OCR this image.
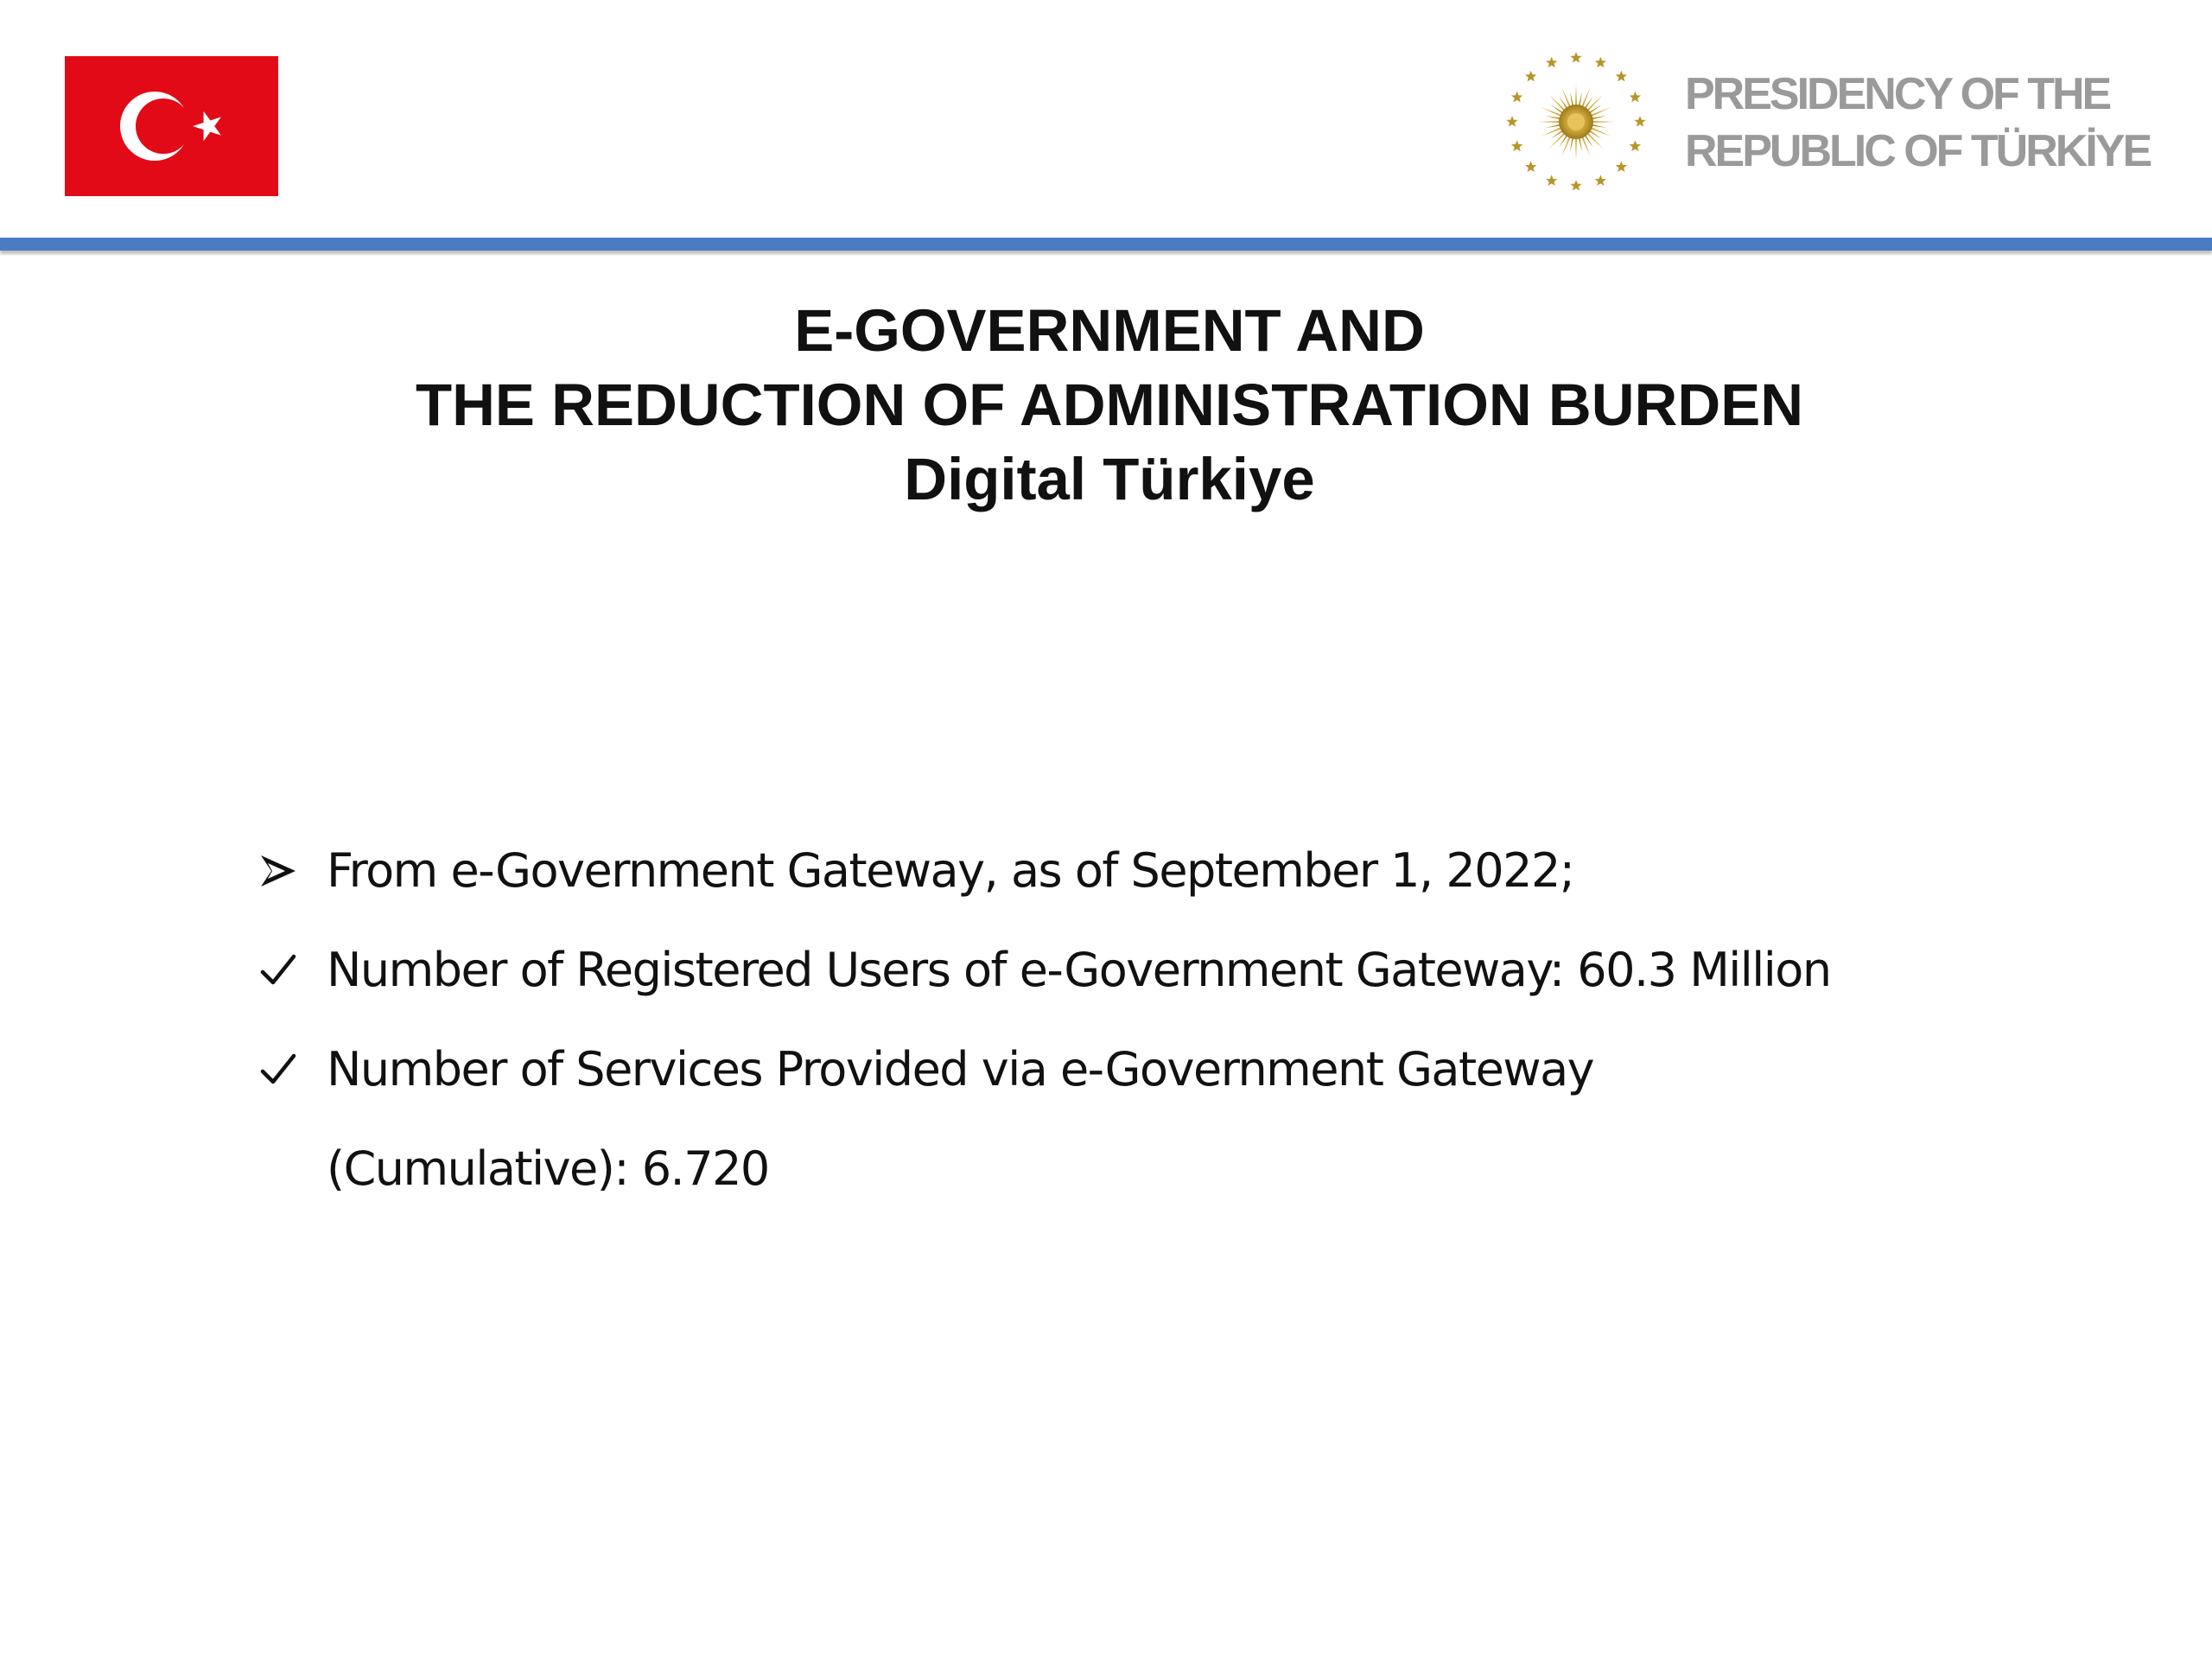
PRESIDENCY OF THE
REPUBLIC OF TÜRKİYE
E-GOVERNMENT AND
THE REDUCTION OF ADMINISTRATION BURDEN
Digital Türkiye
From e-Government Gateway, as of September 1, 2022;
Number of Registered Users of e-Government Gateway: 60.3 Million
Number of Services Provided via e-Government Gateway
(Cumulative): 6.720
